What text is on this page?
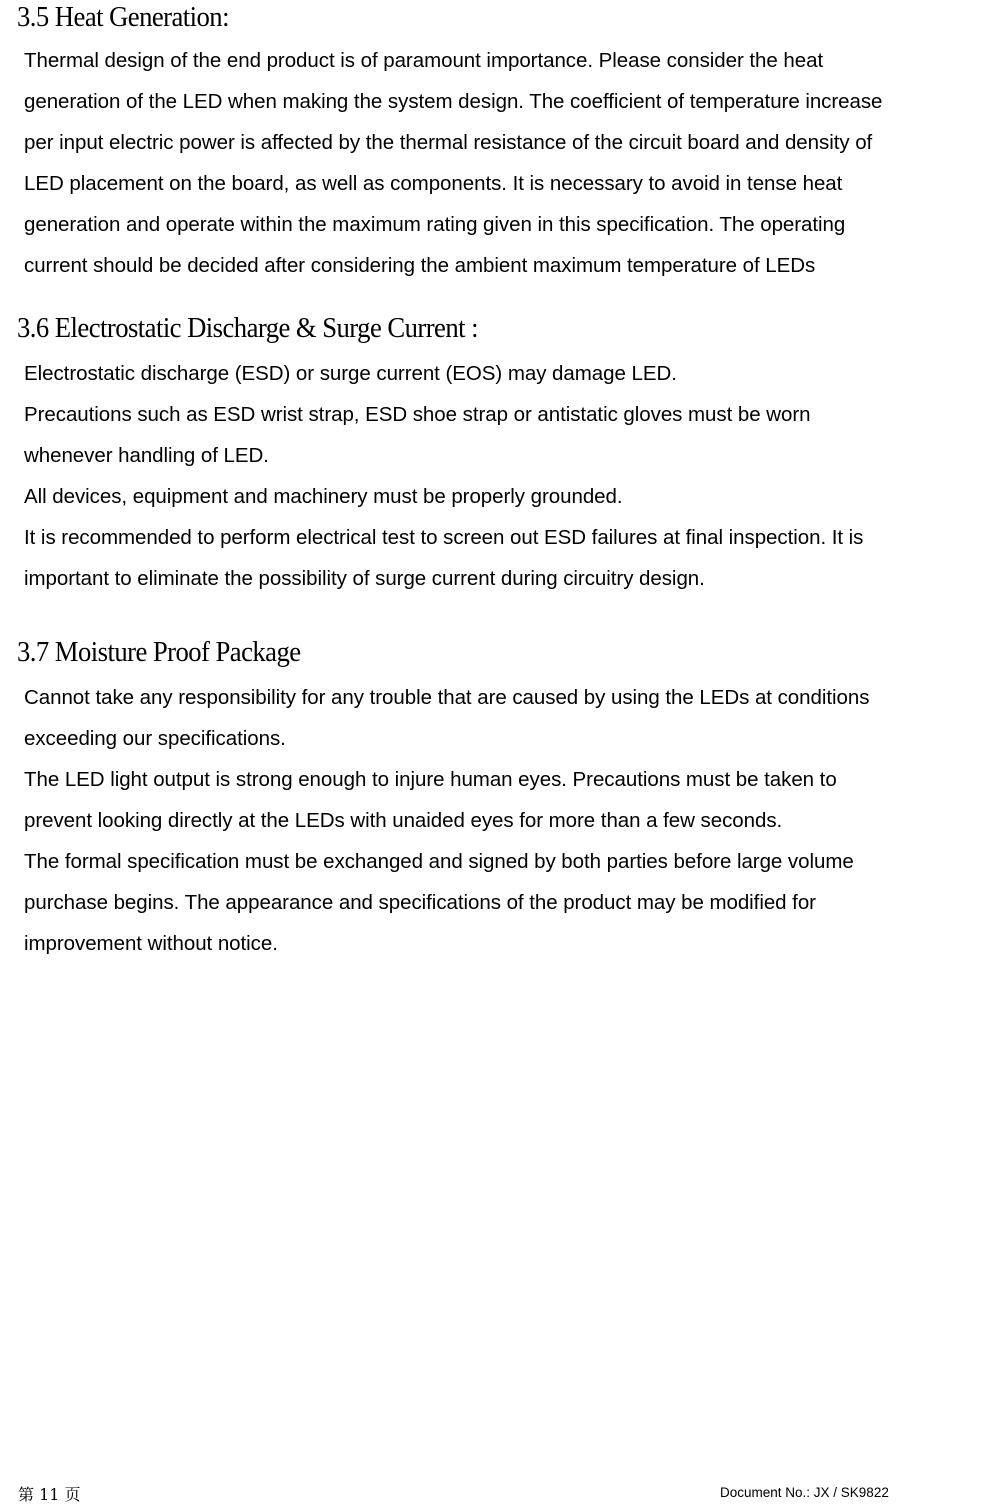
3.5 Heat Generation:
Thermal design of the end product is of paramount importance. Please consider the heat
generation of the LED when making the system design. The coefficient of temperature increase
per input electric power is affected by the thermal resistance of the circuit board and density of
LED placement on the board, as well as components. It is necessary to avoid in tense heat
generation and operate within the maximum rating given in this specification. The operating
current should be decided after considering the ambient maximum temperature of LEDs
3.6 Electrostatic Discharge & Surge Current :
Electrostatic discharge (ESD) or surge current (EOS) may damage LED.
Precautions such as ESD wrist strap, ESD shoe strap or antistatic gloves must be worn
whenever handling of LED.
All devices, equipment and machinery must be properly grounded.
It is recommended to perform electrical test to screen out ESD failures at final inspection. It is
important to eliminate the possibility of surge current during circuitry design.
3.7 Moisture Proof Package
Cannot take any responsibility for any trouble that are caused by using the LEDs at conditions
exceeding our specifications.
The LED light output is strong enough to injure human eyes. Precautions must be taken to
prevent looking directly at the LEDs with unaided eyes for more than a few seconds.
The formal specification must be exchanged and signed by both parties before large volume
purchase begins. The appearance and specifications of the product may be modified for
improvement without notice.
第 11 页	Document No.: JX / SK9822
